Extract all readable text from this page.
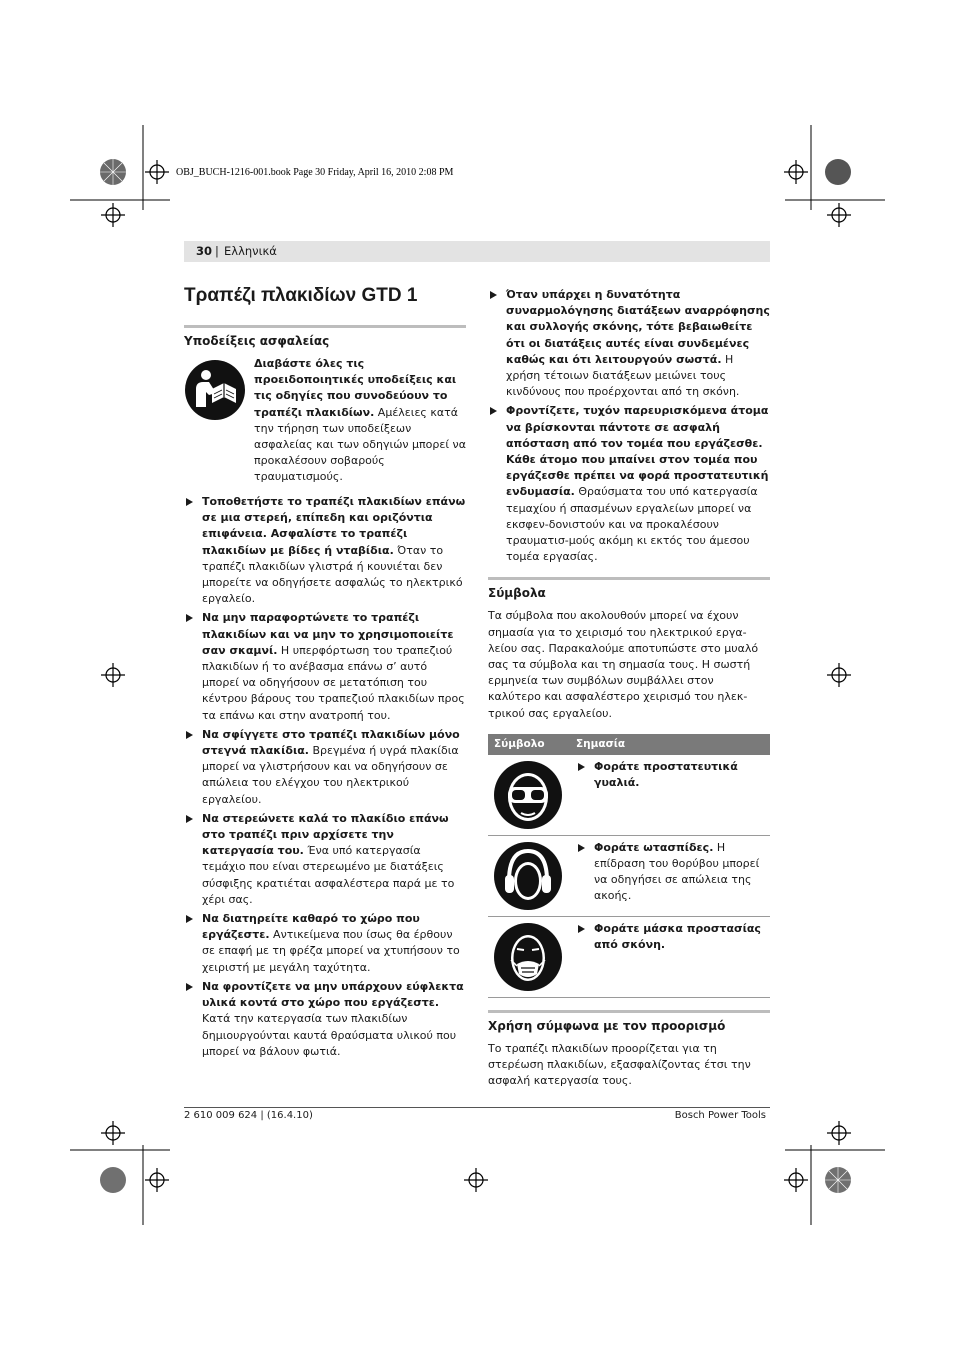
OBJ_BUCH-1216-001.book Page 30 Friday, April 16, 2010 2:08 PM
30 | Ελληνικά
Τραπέζι πλακιδίων GTD 1
Υποδείξεις ασφαλείας
Διαβάστε όλες τις προειδοποιητικές υποδείξεις και τις οδηγίες που συνοδεύουν το τραπέζι πλακιδίων. Αμέλειες κατά την τήρηση των υποδείξεων ασφαλείας και των οδηγιών μπορεί να προκαλέσουν σοβαρούς τραυματισμούς.
Τοποθετήστε το τραπέζι πλακιδίων επάνω σε μια στερεή, επίπεδη και οριζόντια επιφάνεια. Ασφαλίστε το τραπέζι πλακιδίων με βίδες ή νταβίδια. Όταν το τραπέζι πλακιδίων γλιστρά ή κουνιέται δεν μπορείτε να οδηγήσετε ασφαλώς το ηλεκτρικό εργαλείο.
Να μην παραφορτώνετε το τραπέζι πλακιδίων και να μην το χρησιμοποιείτε σαν σκαμνί. Η υπερφόρτωση του τραπεζιού πλακιδίων ή το ανέβασμα επάνω σ’ αυτό μπορεί να οδηγήσουν σε μετατόπιση του κέντρου βάρους του τραπεζιού πλακιδίων προς τα επάνω και στην ανατροπή του.
Να σφίγγετε στο τραπέζι πλακιδίων μόνο στεγνά πλακίδια. Βρεγμένα ή υγρά πλακίδια μπορεί να γλιστρήσουν και να οδηγήσουν σε απώλεια του ελέγχου του ηλεκτρικού εργαλείου.
Να στερεώνετε καλά το πλακίδιο επάνω στο τραπέζι πριν αρχίσετε την κατεργασία του. Ένα υπό κατεργασία τεμάχιο που είναι στερεωμένο με διατάξεις σύσφιξης κρατιέται ασφαλέστερα παρά με το χέρι σας.
Να διατηρείτε καθαρό το χώρο που εργάζεστε. Αντικείμενα που ίσως θα έρθουν σε επαφή με τη φρέζα μπορεί να χτυπήσουν το χειριστή με μεγάλη ταχύτητα.
Να φροντίζετε να μην υπάρχουν εύφλεκτα υλικά κοντά στο χώρο που εργάζεστε. Κατά την κατεργασία των πλακιδίων δημιουργούνται καυτά θραύσματα υλικού που μπορεί να βάλουν φωτιά.
Όταν υπάρχει η δυνατότητα συναρμολόγησης διατάξεων αναρρόφησης και συλλογής σκόνης, τότε βεβαιωθείτε ότι οι διατάξεις αυτές είναι συνδεμένες καθώς και ότι λειτουργούν σωστά. Η χρήση τέτοιων διατάξεων μειώνει τους κινδύνους που προέρχονται από τη σκόνη.
Φροντίζετε, τυχόν παρευρισκόμενα άτομα να βρίσκονται πάντοτε σε ασφαλή απόσταση από τον τομέα που εργάζεσθε. Κάθε άτομο που μπαίνει στον τομέα που εργάζεσθε πρέπει να φορά προστατευτική ενδυμασία. Θραύσματα του υπό κατεργασία τεμαχίου ή σπασμένων εργαλείων μπορεί να εκσφεν-δονιστούν και να προκαλέσουν τραυματισ-μούς ακόμη κι εκτός του άμεσου τομέα εργασίας.
Σύμβολα

Τα σύμβολα που ακολουθούν μπορεί να έχουν σημασία για το χειρισμό του ηλεκτρικού εργα-λείου σας. Παρακαλούμε αποτυπώστε στο μυαλό σας τα σύμβολα και τη σημασία τους. Η σωστή ερμηνεία των συμβόλων συμβάλλει στον καλύτερο και ασφαλέστερο χειρισμό του ηλεκ-τρικού σας εργαλείου.

Σύμβολο	Σημασία

Φοράτε προστατευτικά γυαλιά.

Φοράτε ωτασπίδες. Η επίδραση του θορύβου μπορεί να οδηγήσει σε απώλεια της ακοής.

Φοράτε μάσκα προστασίας από σκόνη.
Χρήση σύμφωνα με τον προορισμό

Το τραπέζι πλακιδίων προορίζεται για τη στερέωση πλακιδίων, εξασφαλίζοντας έτσι την ασφαλή κατεργασία τους.

2 610 009 624 | (16.4.10)	Bosch Power Tools
